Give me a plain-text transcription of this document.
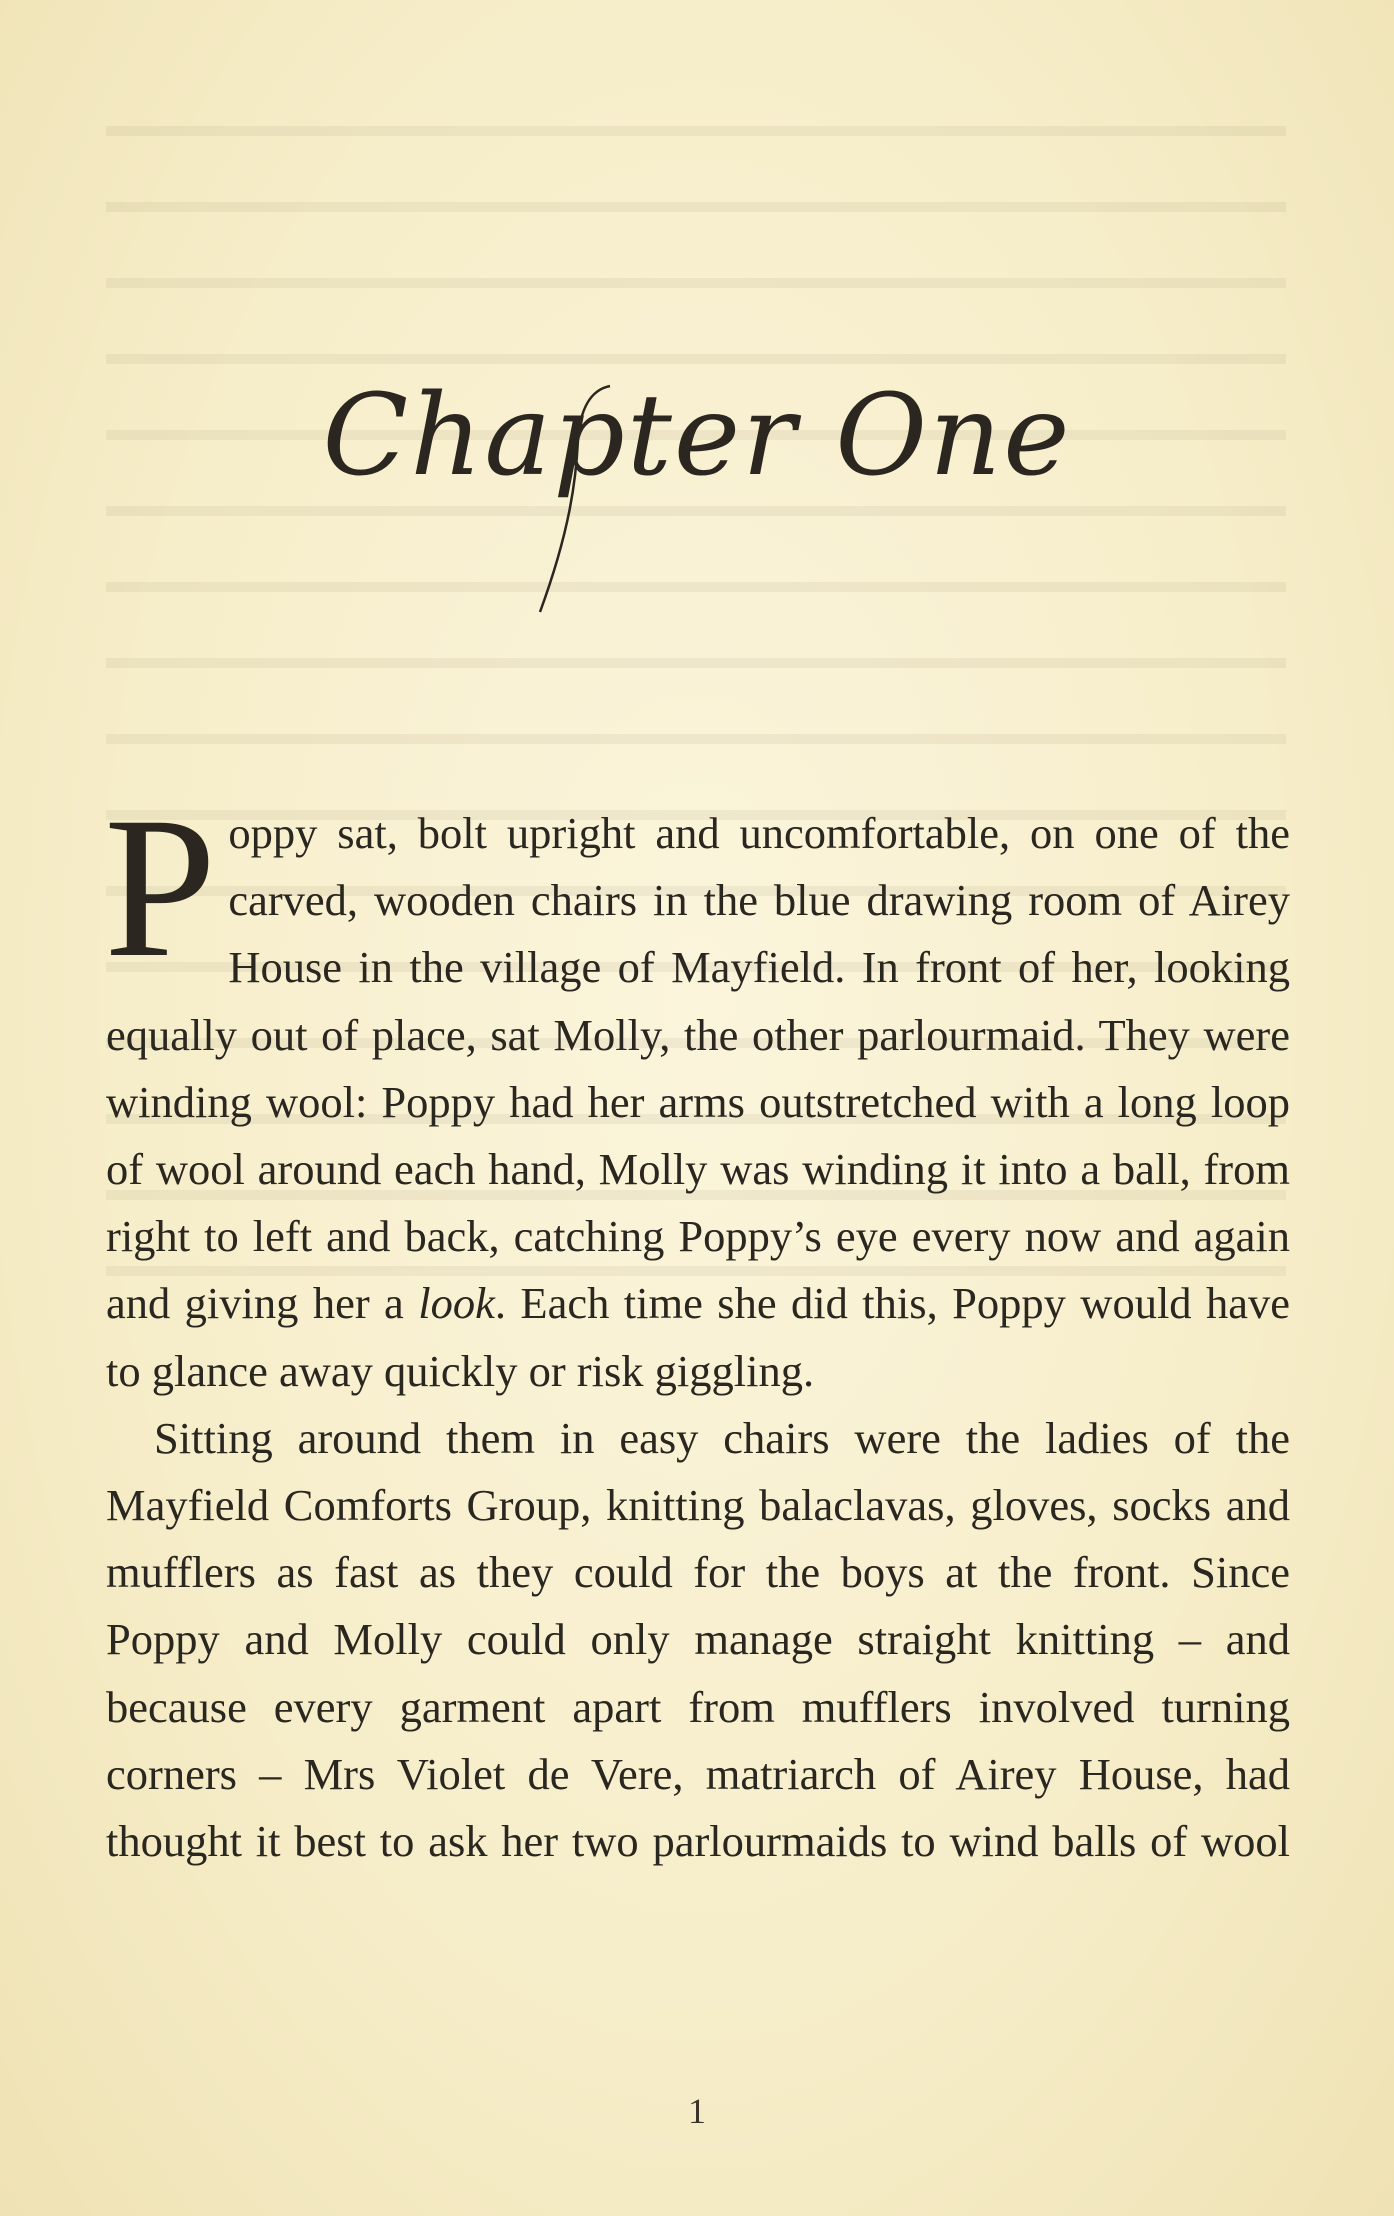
Chapter One

Poppy sat, bolt upright and uncomfortable, on one of the carved, wooden chairs in the blue drawing room of Airey House in the village of Mayfield. In front of her, looking equally out of place, sat Molly, the other parlourmaid. They were winding wool: Poppy had her arms outstretched with a long loop of wool around each hand, Molly was winding it into a ball, from right to left and back, catching Poppy’s eye every now and again and giving her a look. Each time she did this, Poppy would have to glance away quickly or risk giggling.

Sitting around them in easy chairs were the ladies of the Mayfield Comforts Group, knitting balaclavas, gloves, socks and mufflers as fast as they could for the boys at the front. Since Poppy and Molly could only manage straight knitting – and because every garment apart from mufflers involved turning corners – Mrs Violet de Vere, matriarch of Airey House, had thought it best to ask her two parlourmaids to wind balls of wool

1
